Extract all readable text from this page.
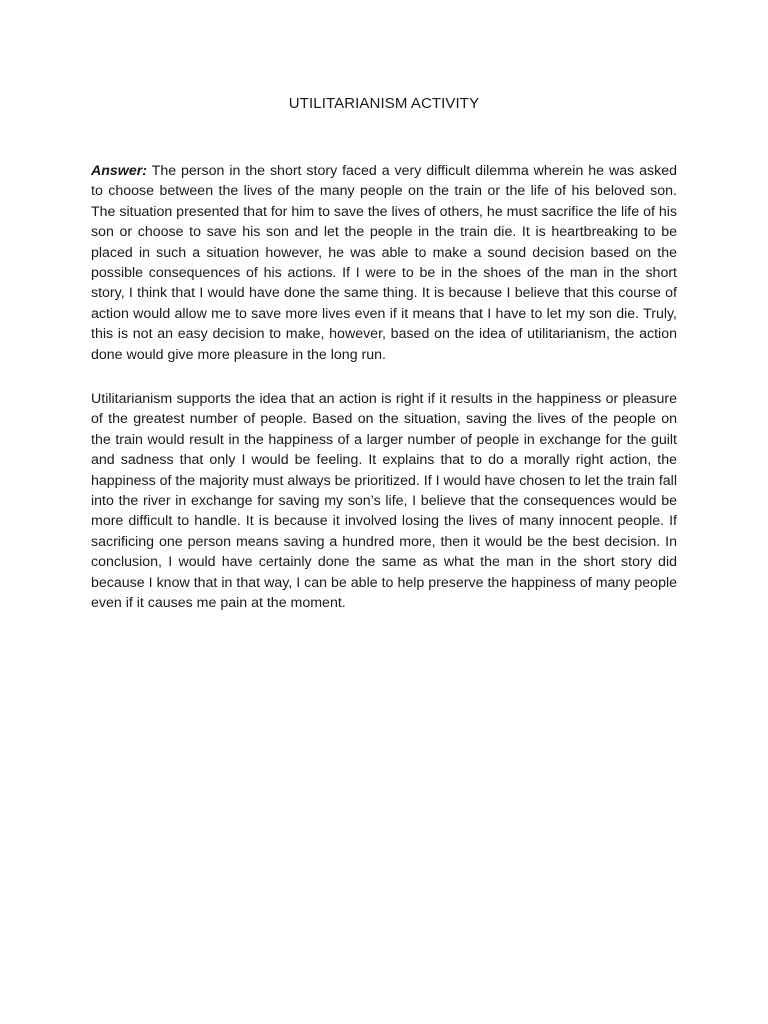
UTILITARIANISM ACTIVITY

Answer: The person in the short story faced a very difficult dilemma wherein he was asked to choose between the lives of the many people on the train or the life of his beloved son. The situation presented that for him to save the lives of others, he must sacrifice the life of his son or choose to save his son and let the people in the train die. It is heartbreaking to be placed in such a situation however, he was able to make a sound decision based on the possible consequences of his actions. If I were to be in the shoes of the man in the short story, I think that I would have done the same thing. It is because I believe that this course of action would allow me to save more lives even if it means that I have to let my son die. Truly, this is not an easy decision to make, however, based on the idea of utilitarianism, the action done would give more pleasure in the long run.

Utilitarianism supports the idea that an action is right if it results in the happiness or pleasure of the greatest number of people. Based on the situation, saving the lives of the people on the train would result in the happiness of a larger number of people in exchange for the guilt and sadness that only I would be feeling. It explains that to do a morally right action, the happiness of the majority must always be prioritized. If I would have chosen to let the train fall into the river in exchange for saving my son’s life, I believe that the consequences would be more difficult to handle. It is because it involved losing the lives of many innocent people. If sacrificing one person means saving a hundred more, then it would be the best decision. In conclusion, I would have certainly done the same as what the man in the short story did because I know that in that way, I can be able to help preserve the happiness of many people even if it causes me pain at the moment.
